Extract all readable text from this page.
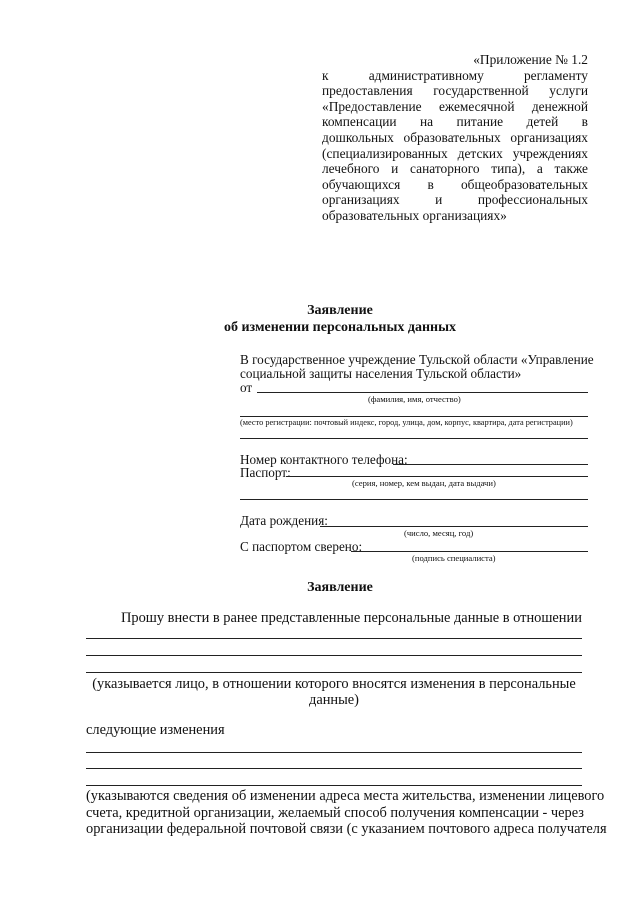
«Приложение № 1.2
к административному регламенту
предоставления государственной услуги
«Предоставление ежемесячной денежной
компенсации на питание детей в
дошкольных образовательных организациях
(специализированных детских учреждениях
лечебного и санаторного типа), а также
обучающихся в общеобразовательных
организациях и профессиональных
образовательных организациях»
Заявление
об изменении персональных данных
В государственное учреждение Тульской области «Управление
социальной защиты населения Тульской области»
от
(фамилия, имя, отчество)
(место регистрации: почтовый индекс, город, улица, дом, корпус, квартира, дата регистрации)
Номер контактного телефона:
Паспорт:
(серия, номер, кем выдан, дата выдачи)
Дата рождения:
(число, месяц, год)
С паспортом сверено:
(подпись специалиста)
Заявление
Прошу внести в ранее представленные персональные данные в отношении
(указывается лицо, в отношении которого вносятся изменения в персональные
данные)
следующие изменения
(указываются сведения об изменении адреса места жительства, изменении лицевого
счета, кредитной организации, желаемый способ получения компенсации - через
организации федеральной почтовой связи (с указанием почтового адреса получателя
